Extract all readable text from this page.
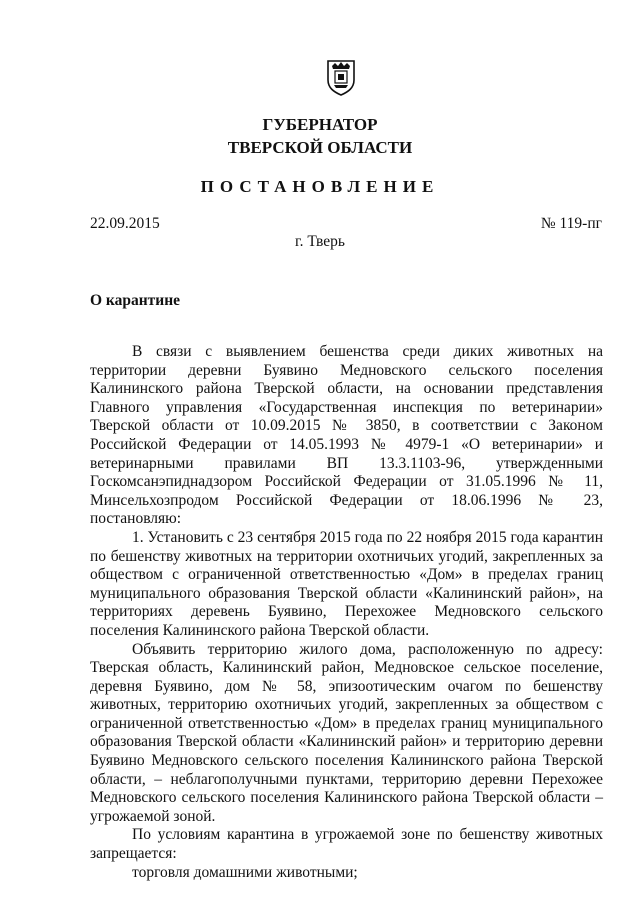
ГУБЕРНАТОР
ТВЕРСКОЙ ОБЛАСТИ
ПОСТАНОВЛЕНИЕ
22.09.2015	№ 119-пг
г. Тверь
О карантине

В связи с выявлением бешенства среди диких животных на территории деревни Буявино Медновского сельского поселения Калининского района Тверской области, на основании представления Главного управления «Государственная инспекция по ветеринарии» Тверской области от 10.09.2015 № 3850, в соответствии с Законом Российской Федерации от 14.05.1993 № 4979-1 «О ветеринарии» и ветеринарными правилами ВП 13.3.1103-96, утвержденными Госкомсанэпиднадзором Российской Федерации от 31.05.1996 № 11, Минсельхозпродом Российской Федерации от 18.06.1996 № 23, постановляю:

1. Установить с 23 сентября 2015 года по 22 ноября 2015 года карантин по бешенству животных на территории охотничьих угодий, закрепленных за обществом с ограниченной ответственностью «Дом» в пределах границ муниципального образования Тверской области «Калининский район», на территориях деревень Буявино, Перехожее Медновского сельского поселения Калининского района Тверской области.

Объявить территорию жилого дома, расположенную по адресу: Тверская область, Калининский район, Медновское сельское поселение, деревня Буявино, дом № 58, эпизоотическим очагом по бешенству животных, территорию охотничьих угодий, закрепленных за обществом с ограниченной ответственностью «Дом» в пределах границ муниципального образования Тверской области «Калининский район» и территорию деревни Буявино Медновского сельского поселения Калининского района Тверской области, – неблагополучными пунктами, территорию деревни Перехожее Медновского сельского поселения Калининского района Тверской области – угрожаемой зоной.

По условиям карантина в угрожаемой зоне по бешенству животных запрещается:

торговля домашними животными;
